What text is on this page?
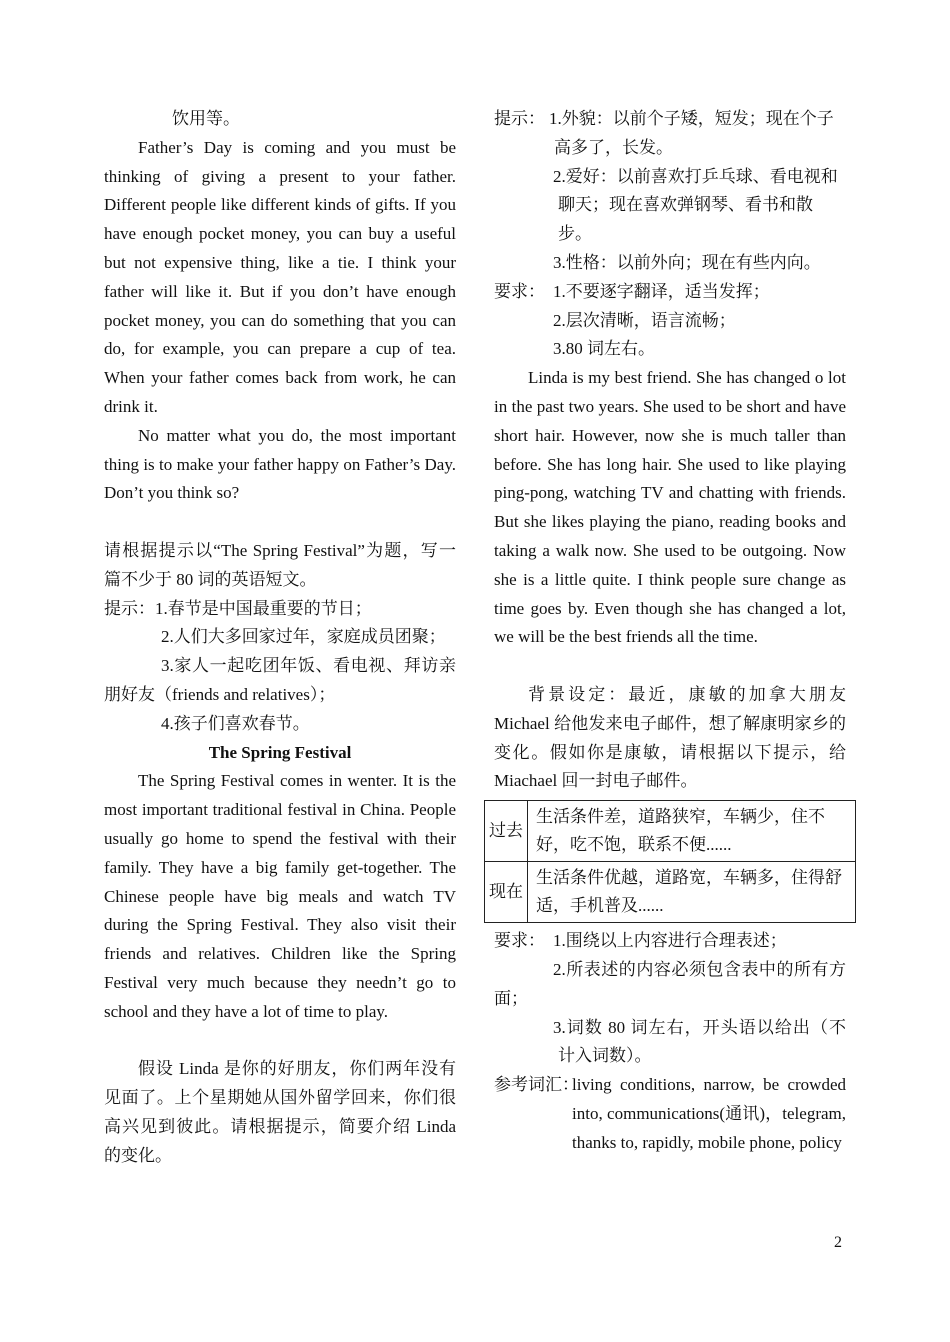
饮用等。

Father’s Day is coming and you must be thinking of giving a present to your father. Different people like different kinds of gifts. If you have enough pocket money, you can buy a useful but not expensive thing, like a tie. I think your father will like it. But if you don’t have enough pocket money, you can do something that you can do, for example, you can prepare a cup of tea. When your father comes back from work, he can drink it.

No matter what you do, the most important thing is to make your father happy on Father’s Day. Don’t you think so?

请根据提示以“The Spring Festival”为题，写一篇不少于 80 词的英语短文。

提示： 1.春节是中国最重要的节日；

2.人们大多回家过年，家庭成员团聚；

3.家人一起吃团年饭、看电视、拜访亲朋好友（friends and relatives）；

4.孩子们喜欢春节。

The Spring Festival

The Spring Festival comes in wenter. It is the most important traditional festival in China. People usually go home to spend the festival with their family. They have a big family get-together. The Chinese people have big meals and watch TV during the Spring Festival. They also visit their friends and relatives. Children like the Spring Festival very much because they needn’t go to school and they have a lot of time to play.

假设 Linda 是你的好朋友，你们两年没有见面了。上个星期她从国外留学回来，你们很高兴见到彼此。请根据提示，简要介绍 Linda 的变化。

提示： 1.外貌：以前个子矮，短发；现在个子高多了，长发。

2.爱好：以前喜欢打乒乓球、看电视和聊天；现在喜欢弹钢琴、看书和散步。

3.性格：以前外向；现在有些内向。

要求： 1.不要逐字翻译，适当发挥；

2.层次清晰，语言流畅；

3.80 词左右。

Linda is my best friend. She has changed o lot in the past two years. She used to be short and have short hair. However, now she is much taller than before. She has long hair. She used to like playing ping-pong, watching TV and chatting with friends. But she likes playing the piano, reading books and taking a walk now. She used to be outgoing. Now she is a little quite. I think people sure change as time goes by. Even though she has changed a lot, we will be the best friends all the time.

背景设定：最近，康敏的加拿大朋友 Michael 给他发来电子邮件，想了解康明家乡的变化。假如你是康敏，请根据以下提示，给 Miachael 回一封电子邮件。

过去	生活条件差，道路狭窄，车辆少，住不好，吃不饱，联系不便......
现在	生活条件优越，道路宽，车辆多，住得舒适，手机普及......
要求： 1.围绕以上内容进行合理表述；

2.所表述的内容必须包含表中的所有方面；

3.词数 80 词左右，开头语以给出（不计入词数）。

参考词汇：
living conditions, narrow, be crowded into, communications(通讯)，telegram, thanks to, rapidly, mobile phone, policy
2
